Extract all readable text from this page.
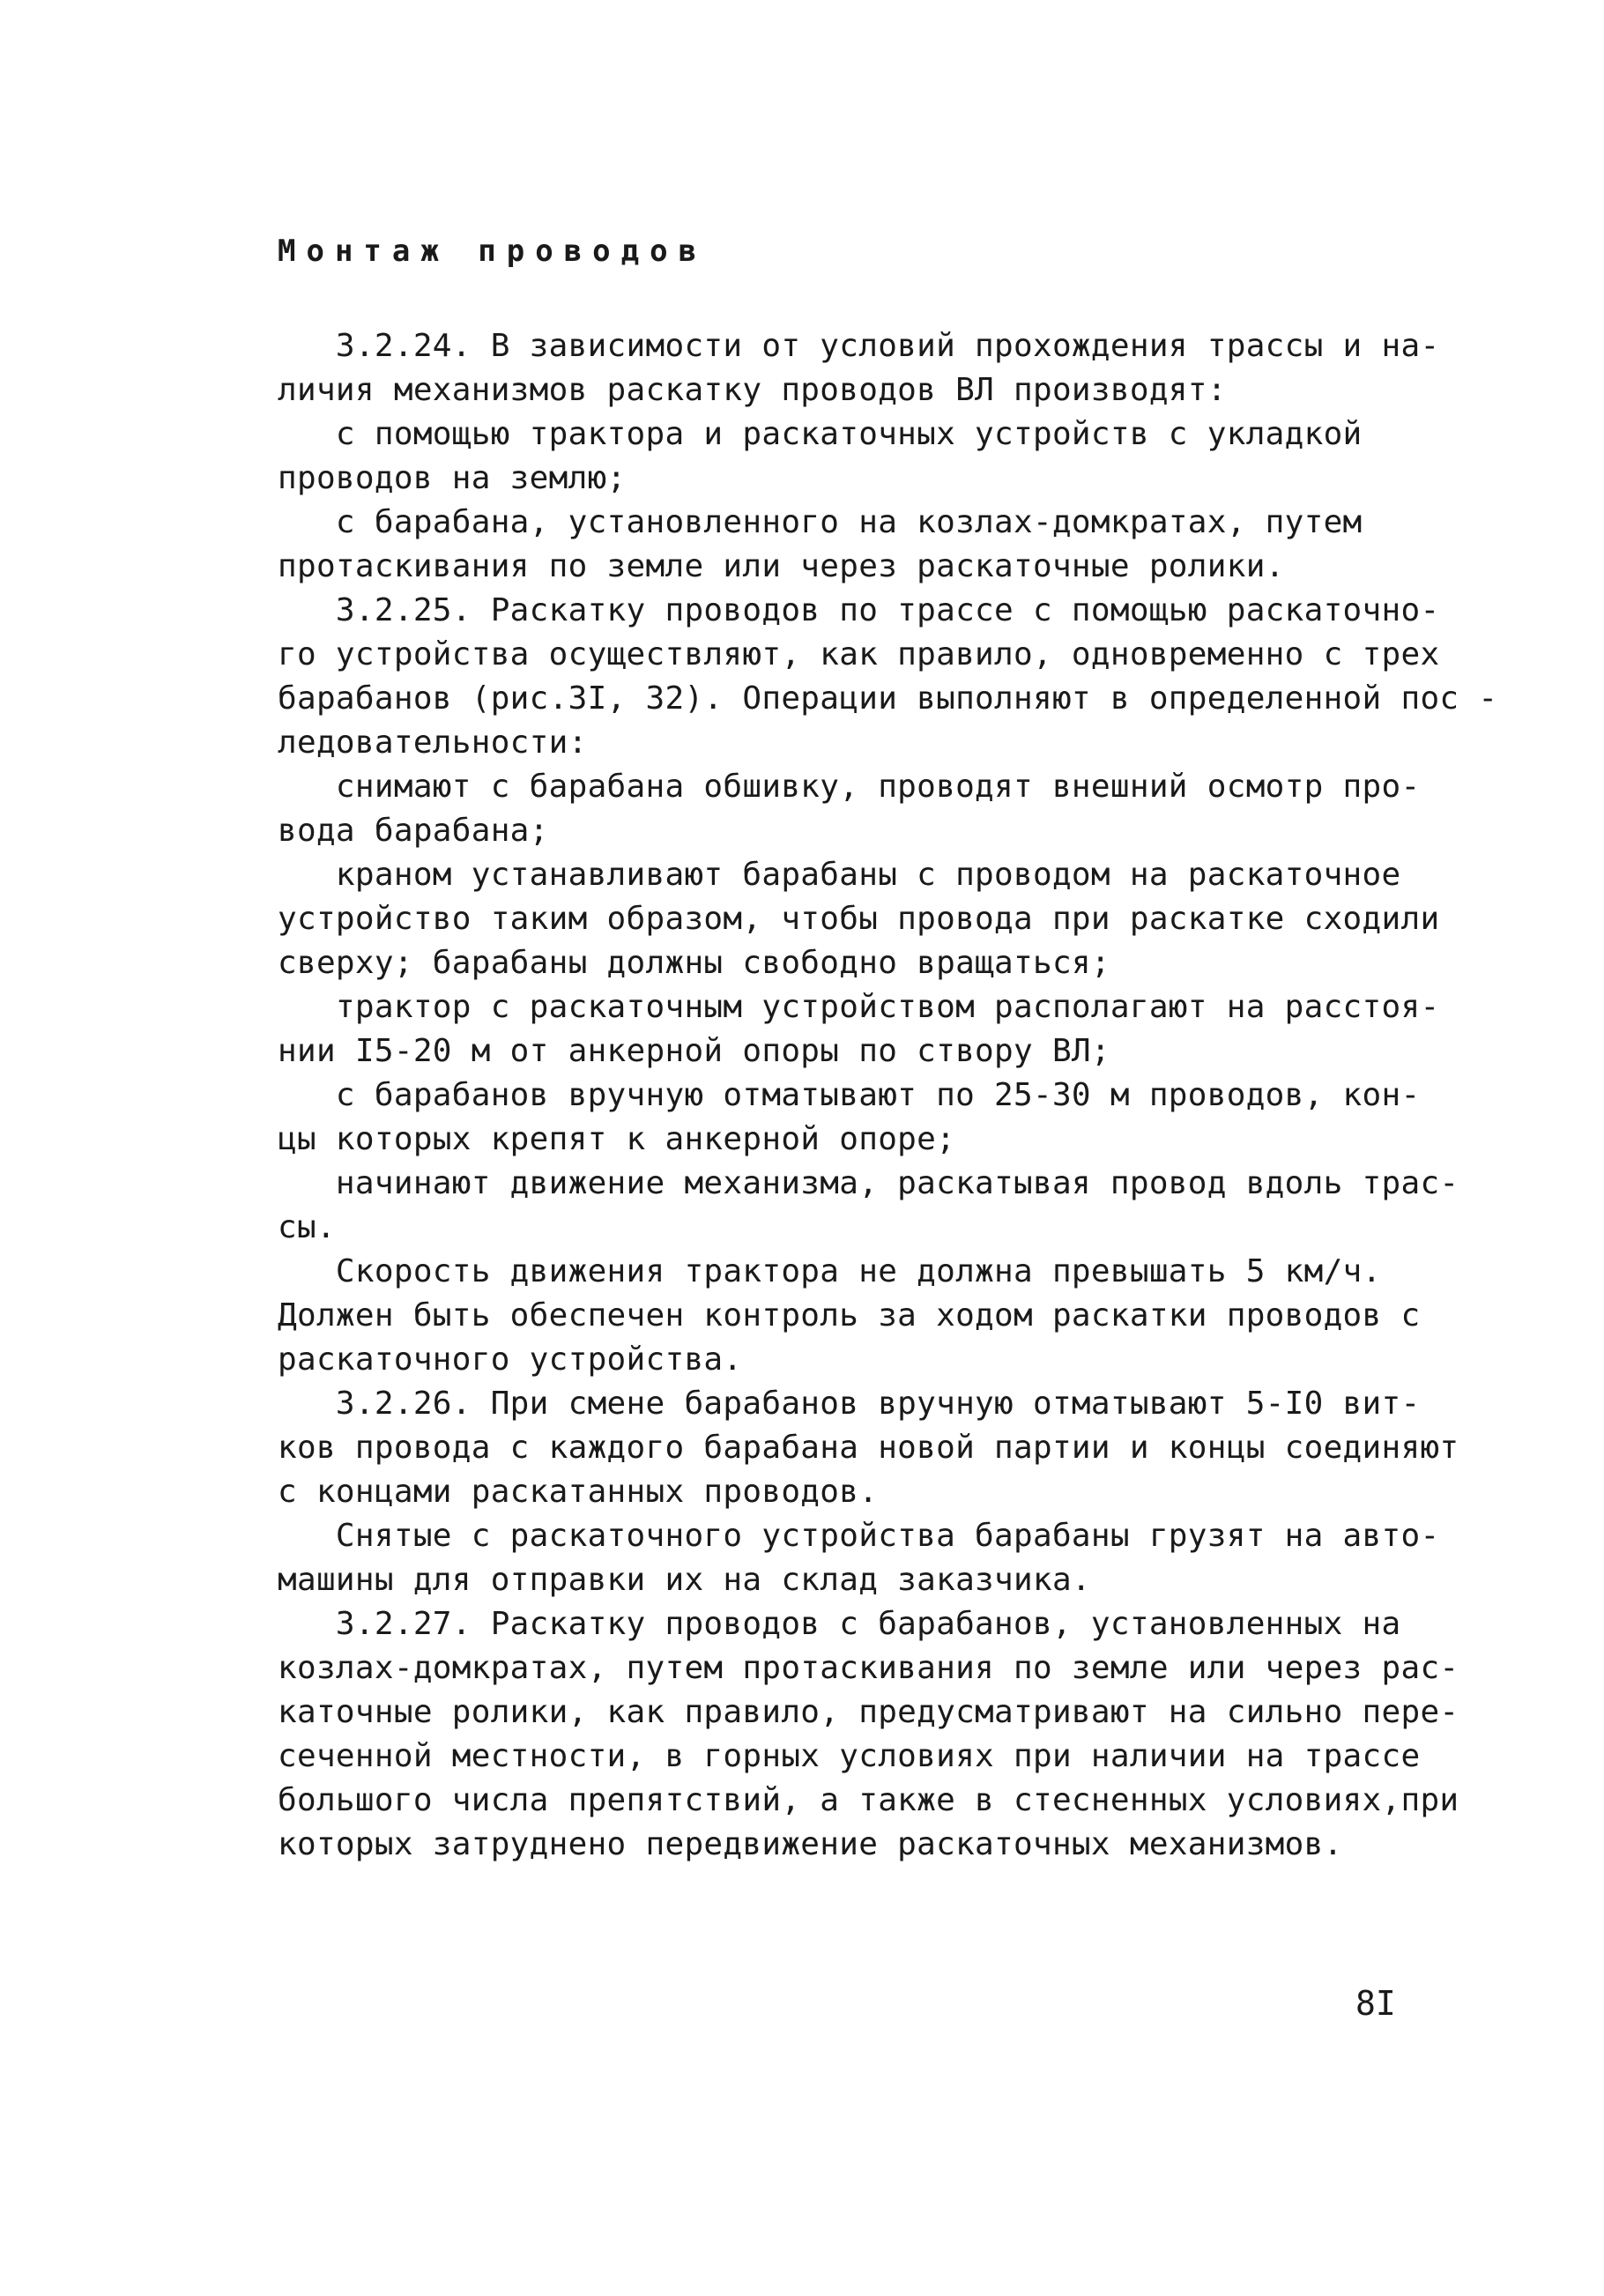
Монтаж проводов
3.2.24. В зависимости от условий прохождения трассы и на-
личия механизмов раскатку проводов ВЛ производят:
с помощью трактора и раскаточных устройств с укладкой
проводов на землю;
с барабана, установленного на козлах-домкратах, путем
протаскивания по земле или через раскаточные ролики.
3.2.25. Раскатку проводов по трассе с помощью раскаточно-
го устройства осуществляют, как правило, одновременно с трех
барабанов (рис.3I, 32). Операции выполняют в определенной пос -
ледовательности:
снимают с барабана обшивку, проводят внешний осмотр про-
вода барабана;
краном устанавливают барабаны с проводом на раскаточное
устройство таким образом, чтобы провода при раскатке сходили
сверху; барабаны должны свободно вращаться;
трактор с раскаточным устройством располагают на расстоя-
нии I5-20 м от анкерной опоры по створу ВЛ;
с барабанов вручную отматывают по 25-30 м проводов, кон-
цы которых крепят к анкерной опоре;
начинают движение механизма, раскатывая провод вдоль трас-
сы.
Скорость движения трактора не должна превышать 5 км/ч.
Должен быть обеспечен контроль за ходом раскатки проводов с
раскаточного устройства.
3.2.26. При смене барабанов вручную отматывают 5-I0 вит-
ков провода с каждого барабана новой партии и концы соединяют
с концами раскатанных проводов.
Снятые с раскаточного устройства барабаны грузят на авто-
машины для отправки их на склад заказчика.
3.2.27. Раскатку проводов с барабанов, установленных на
козлах-домкратах, путем протаскивания по земле или через рас-
каточные ролики, как правило, предусматривают на сильно пере-
сеченной местности, в горных условиях при наличии на трассе
большого числа препятствий, а также в стесненных условиях,при
которых затруднено передвижение раскаточных механизмов.
8I
